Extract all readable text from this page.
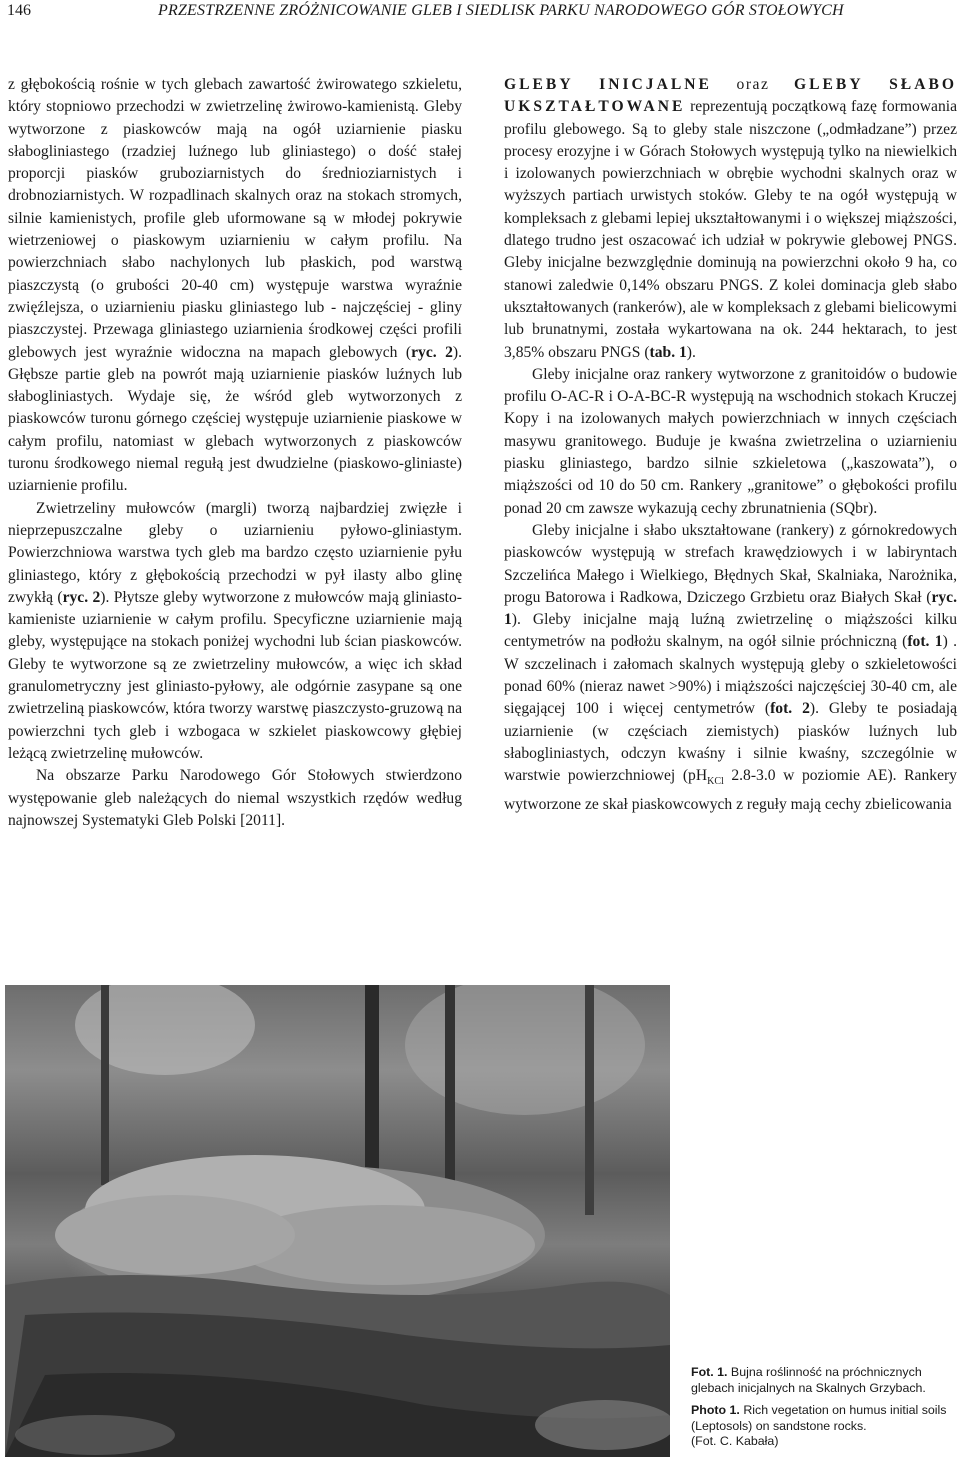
146	PRZESTRZENNE ZRÓŻNICOWANIE GLEB I SIEDLISK PARKU NARODOWEGO GÓR STOŁOWYCH

z głębokością rośnie w tych glebach zawartość żwirowatego szkieletu, który stopniowo przechodzi w zwietrzelinę żwirowo-kamienistą. Gleby wytworzone z piaskowców mają na ogół uziarnienie piasku słabogliniastego (rzadziej luźnego lub gliniastego) o dość stałej proporcji piasków gruboziarnistych do średnioziarnistych i drobnoziarnistych. W rozpadlinach skalnych oraz na stokach stromych, silnie kamienistych, profile gleb uformowane są w młodej pokrywie wietrzeniowej o piaskowym uziarnieniu w całym profilu. Na powierzchniach słabo nachylonych lub płaskich, pod warstwą piaszczystą (o grubości 20-40 cm) występuje warstwa wyraźnie zwięźlejsza, o uziarnieniu piasku gliniastego lub - najczęściej - gliny piaszczystej. Przewaga gliniastego uziarnienia środkowej części profili glebowych jest wyraźnie widoczna na mapach glebowych (ryc. 2). Głębsze partie gleb na powrót mają uziarnienie piasków luźnych lub słabogliniastych. Wydaje się, że wśród gleb wytworzonych z piaskowców turonu górnego częściej występuje uziarnienie piaskowe w całym profilu, natomiast w glebach wytworzonych z piaskowców turonu środkowego niemal regułą jest dwudzielne (piaskowo-gliniaste) uziarnienie profilu.

Zwietrzeliny mułowców (margli) tworzą najbardziej zwięzłe i nieprzepuszczalne gleby o uziarnieniu pyłowo-gliniastym. Powierzchniowa warstwa tych gleb ma bardzo często uziarnienie pyłu gliniastego, który z głębokością przechodzi w pył ilasty albo glinę zwykłą (ryc. 2). Płytsze gleby wytworzone z mułowców mają gliniasto-kamieniste uziarnienie w całym profilu. Specyficzne uziarnienie mają gleby, występujące na stokach poniżej wychodni lub ścian piaskowców. Gleby te wytworzone są ze zwietrzeliny mułowców, a więc ich skład granulometryczny jest gliniasto-pyłowy, ale odgórnie zasypane są one zwietrzeliną piaskowców, która tworzy warstwę piaszczysto-gruzową na powierzchni tych gleb i wzbogaca w szkielet piaskowcowy głębiej leżącą zwietrzelinę mułowców.

Na obszarze Parku Narodowego Gór Stołowych stwierdzono występowanie gleb należących do niemal wszystkich rzędów według najnowszej Systematyki Gleb Polski [2011].

GLEBY INICJALNE oraz GLEBY SŁABO UKSZTAŁTOWANE reprezentują początkową fazę formowania profilu glebowego. Są to gleby stale niszczone („odmładzane”) przez procesy erozyjne i w Górach Stołowych występują tylko na niewielkich i izolowanych powierzchniach w obrębie wychodni skalnych oraz w wyższych partiach urwistych stoków. Gleby te na ogół występują w kompleksach z glebami lepiej ukształtowanymi i o większej miąższości, dlatego trudno jest oszacować ich udział w pokrywie glebowej PNGS. Gleby inicjalne bezwzględnie dominują na powierzchni około 9 ha, co stanowi zaledwie 0,14% obszaru PNGS. Z kolei dominacja gleb słabo ukształtowanych (rankerów), ale w kompleksach z glebami bielicowymi lub brunatnymi, została wykartowana na ok. 244 hektarach, to jest 3,85% obszaru PNGS (tab. 1).

Gleby inicjalne oraz rankery wytworzone z granitoidów o budowie profilu O-AC-R i O-A-BC-R występują na wschodnich stokach Kruczej Kopy i na izolowanych małych powierzchniach w innych częściach masywu granitowego. Buduje je kwaśna zwietrzelina o uziarnieniu piasku gliniastego, bardzo silnie szkieletowa („kaszowata”), o miąższości od 10 do 50 cm. Rankery „granitowe” o głębokości profilu ponad 20 cm zawsze wykazują cechy zbrunatnienia (SQbr).

Gleby inicjalne i słabo ukształtowane (rankery) z górnokredowych piaskowców występują w strefach krawędziowych i w labiryntach Szczelińca Małego i Wielkiego, Błędnych Skał, Skalniaka, Narożnika, progu Batorowa i Radkowa, Dziczego Grzbietu oraz Białych Skał (ryc. 1). Gleby inicjalne mają luźną zwietrzelinę o miąższości kilku centymetrów na podłożu skalnym, na ogół silnie próchniczną (fot. 1) . W szczelinach i załomach skalnych występują gleby o szkieletowości ponad 60% (nieraz nawet >90%) i miąższości najczęściej 30-40 cm, ale sięgającej 100 i więcej centymetrów (fot. 2). Gleby te posiadają uziarnienie (w częściach ziemistych) piasków luźnych lub słabogliniastych, odczyn kwaśny i silnie kwaśny, szczególnie w warstwie powierzchniowej ($pH_{KCl}$ 2.8-3.0 w poziomie AE). Rankery wytworzone ze skał piaskowcowych z reguły mają cechy zbielicowania

Fot. 1. Bujna roślinność na próchnicznych glebach inicjalnych na Skalnych Grzybach.

Photo 1. Rich vegetation on humus initial soils (Leptosols) on sandstone rocks.

(Fot. C. Kabała)
